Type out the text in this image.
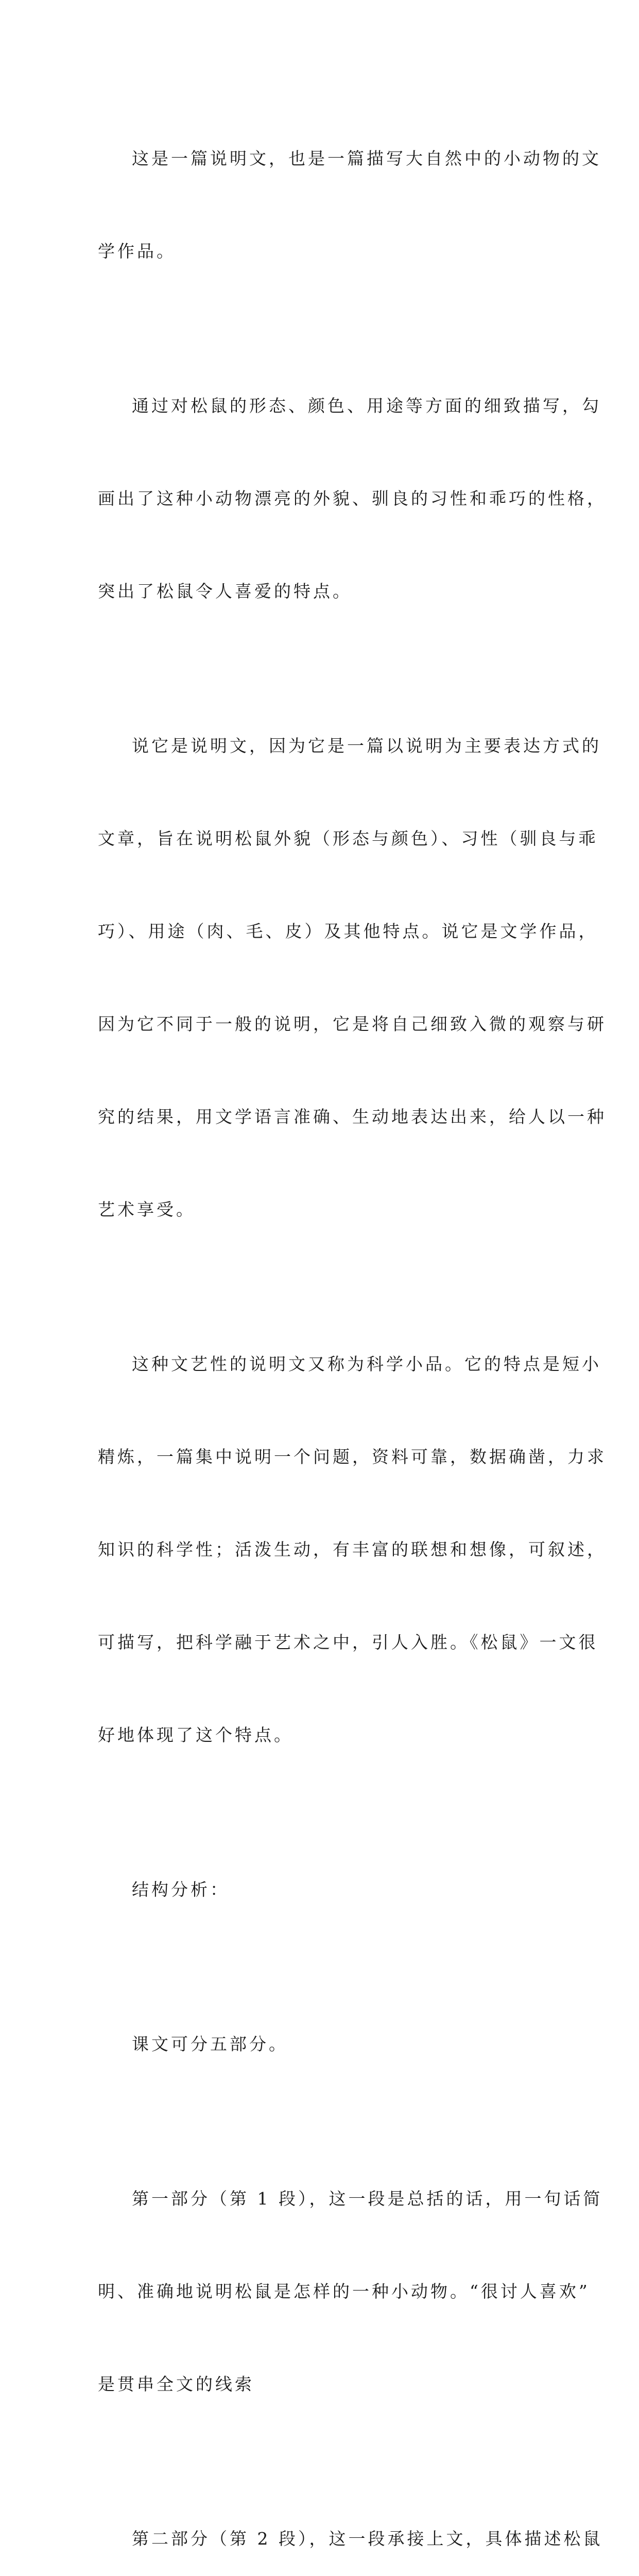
这是一篇说明文，也是一篇描写大自然中的小动物的文

学作品。

通过对松鼠的形态、颜色、用途等方面的细致描写，勾

画出了这种小动物漂亮的外貌、驯良的习性和乖巧的性格，

突出了松鼠令人喜爱的特点。

说它是说明文，因为它是一篇以说明为主要表达方式的

文章，旨在说明松鼠外貌（形态与颜色）、习性（驯良与乖

巧）、用途（肉、毛、皮）及其他特点。说它是文学作品，

因为它不同于一般的说明，它是将自己细致入微的观察与研

究的结果，用文学语言准确、生动地表达出来，给人以一种

艺术享受。

这种文艺性的说明文又称为科学小品。它的特点是短小

精炼，一篇集中说明一个问题，资料可靠，数据确凿，力求

知识的科学性；活泼生动，有丰富的联想和想像，可叙述，

可描写，把科学融于艺术之中，引人入胜。《松鼠》一文很

好地体现了这个特点。

结构分析：

课文可分五部分。

第一部分（第 1 段），这一段是总括的话，用一句话简

明、准确地说明松鼠是怎样的一种小动物。“很讨人喜欢”

是贯串全文的线索

第二部分（第 2 段），这一段承接上文，具体描述松鼠
